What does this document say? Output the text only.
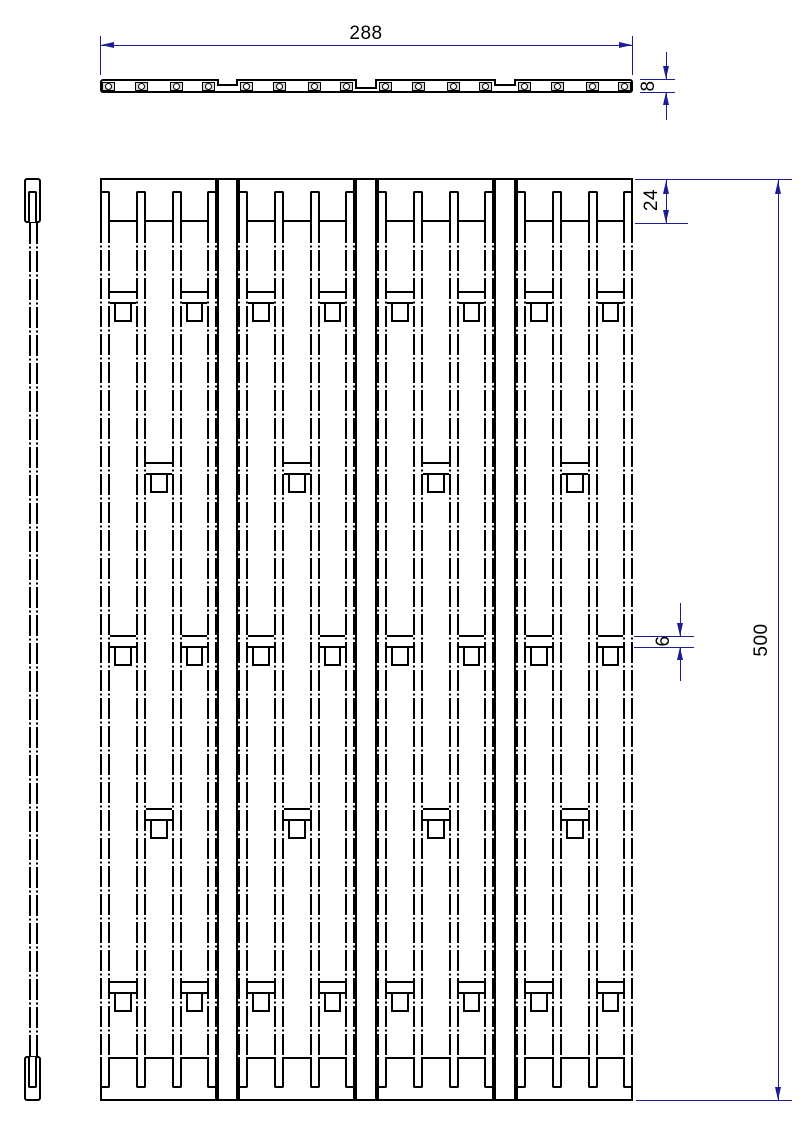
288
8
24
6	500
